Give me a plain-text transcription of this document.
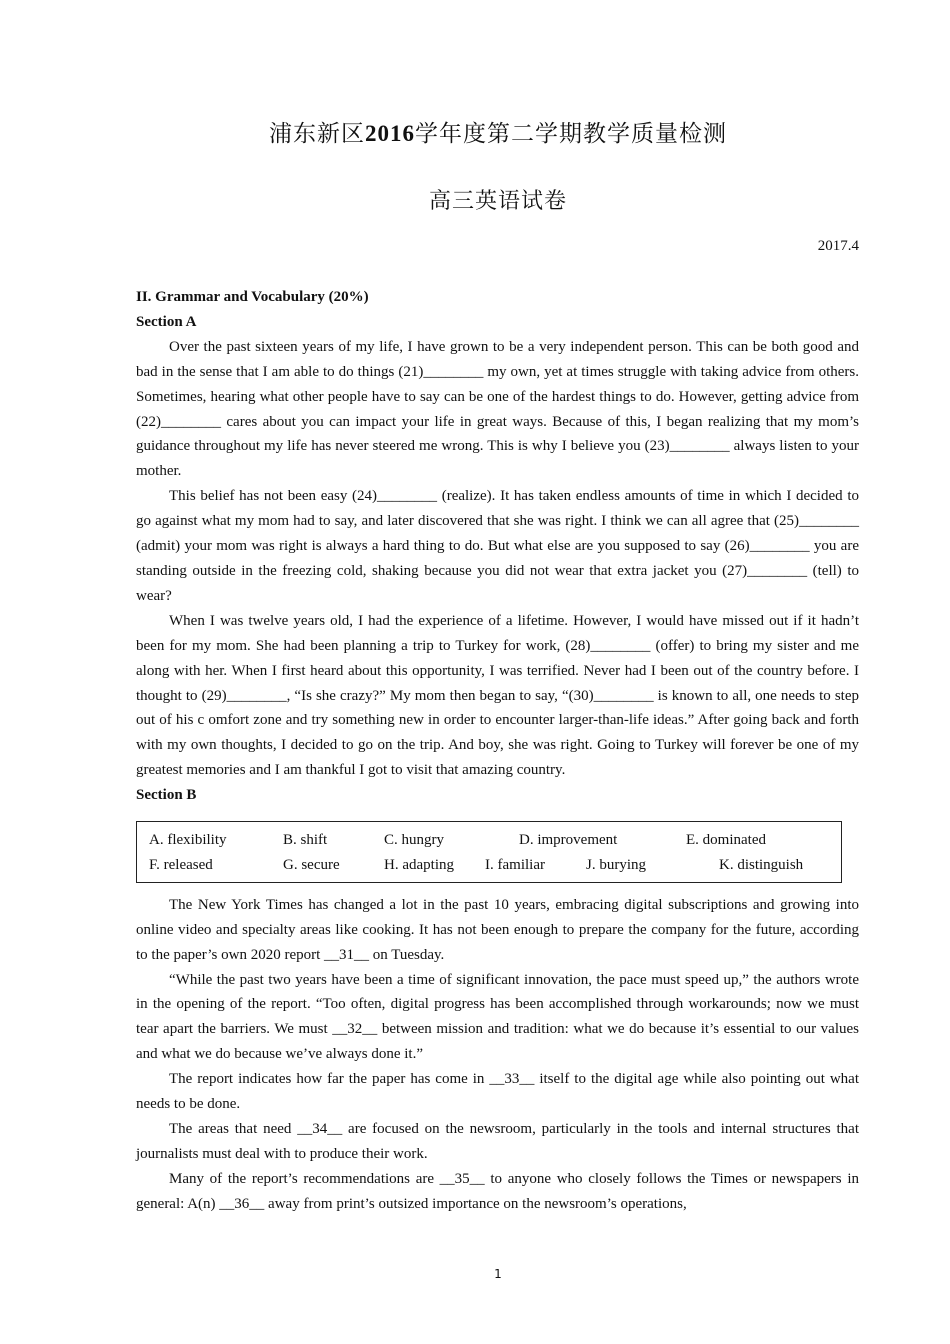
浦东新区2016学年度第二学期教学质量检测
高三英语试卷
2017.4

II. Grammar and Vocabulary (20%)

Section A

Over the past sixteen years of my life, I have grown to be a very independent person. This can be both good and bad in the sense that I am able to do things (21)________ my own, yet at times struggle with taking advice from others. Sometimes, hearing what other people have to say can be one of the hardest things to do. However, getting advice from (22)________ cares about you can impact your life in great ways. Because of this, I began realizing that my mom’s guidance throughout my life has never steered me wrong. This is why I believe you (23)________ always listen to your mother.

This belief has not been easy (24)________ (realize). It has taken endless amounts of time in which I decided to go against what my mom had to say, and later discovered that she was right. I think we can all agree that (25)________ (admit) your mom was right is always a hard thing to do. But what else are you supposed to say (26)________ you are standing outside in the freezing cold, shaking because you did not wear that extra jacket you (27)________ (tell) to wear?

When I was twelve years old, I had the experience of a lifetime. However, I would have missed out if it hadn’t been for my mom. She had been planning a trip to Turkey for work, (28)________ (offer) to bring my sister and me along with her. When I first heard about this opportunity, I was terrified. Never had I been out of the country before. I thought to (29)________, “Is she crazy?” My mom then began to say, “(30)________ is known to all, one needs to step out of his c omfort zone and try something new in order to encounter larger-than-life ideas.” After going back and forth with my own thoughts, I decided to go on the trip. And boy, she was right. Going to Turkey will forever be one of my greatest memories and I am thankful I got to visit that amazing country.

Section B

A. flexibility	B. shift	C. hungry	D. improvement	E. dominated
F. released	G. secure	H. adapting	I. familiar	J. burying	K. distinguish

The New York Times has changed a lot in the past 10 years, embracing digital subscriptions and growing into online video and specialty areas like cooking. It has not been enough to prepare the company for the future, according to the paper’s own 2020 report __31__ on Tuesday.

“While the past two years have been a time of significant innovation, the pace must speed up,” the authors wrote in the opening of the report. “Too often, digital progress has been accomplished through workarounds; now we must tear apart the barriers. We must __32__ between mission and tradition: what we do because it’s essential to our values and what we do because we’ve always done it.”

The report indicates how far the paper has come in __33__ itself to the digital age while also pointing out what needs to be done.

The areas that need __34__ are focused on the newsroom, particularly in the tools and internal structures that journalists must deal with to produce their work.

Many of the report’s recommendations are __35__ to anyone who closely follows the Times or newspapers in general: A(n) __36__ away from print’s outsized importance on the newsroom’s operations,

1
